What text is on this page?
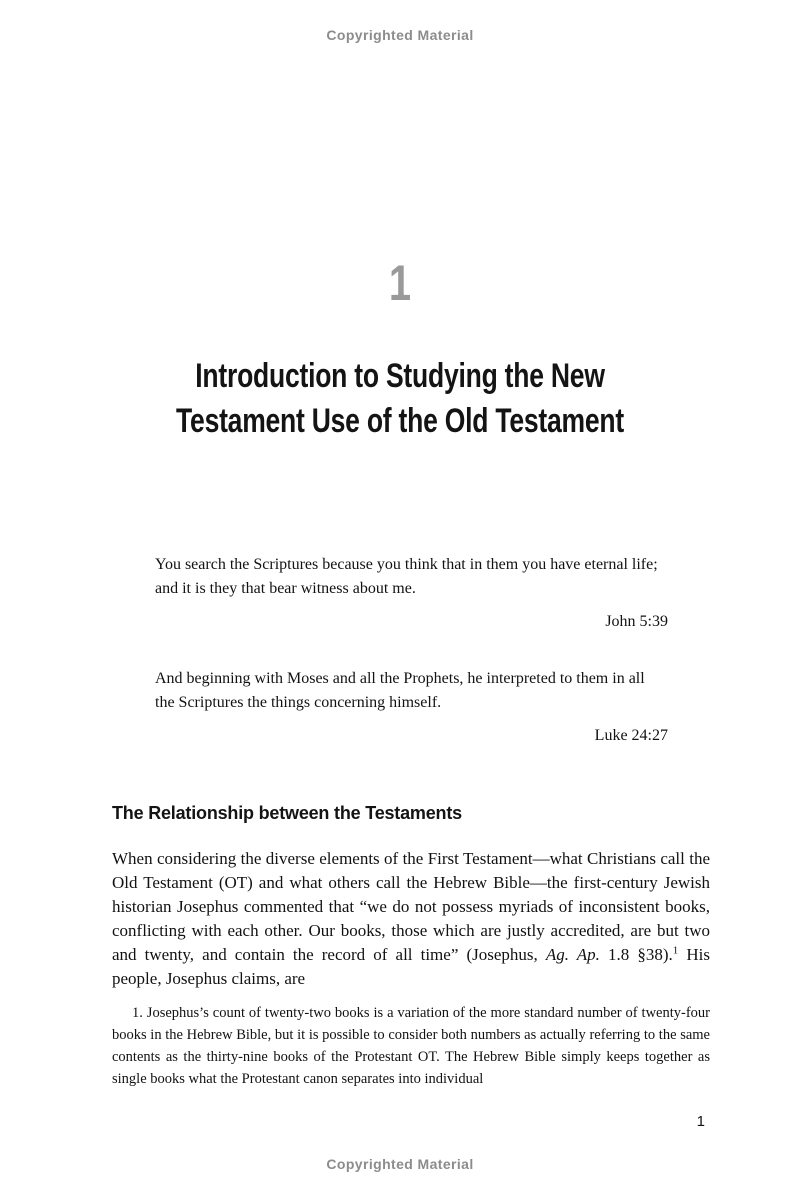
Copyrighted Material
1
Introduction to Studying the New
Testament Use of the Old Testament
You search the Scriptures because you think that in them you have eternal life; and it is they that bear witness about me.
John 5:39
And beginning with Moses and all the Prophets, he interpreted to them in all the Scriptures the things concerning himself.
Luke 24:27
The Relationship between the Testaments
When considering the diverse elements of the First Testament—what Christians call the Old Testament (OT) and what others call the Hebrew Bible—the first-century Jewish historian Josephus commented that “we do not possess myriads of inconsistent books, conflicting with each other. Our books, those which are justly accredited, are but two and twenty, and contain the record of all time” (Josephus, Ag. Ap. 1.8 §38).$^1$ His people, Josephus claims, are
1. Josephus’s count of twenty-two books is a variation of the more standard number of twenty-four books in the Hebrew Bible, but it is possible to consider both numbers as actually referring to the same contents as the thirty-nine books of the Protestant OT. The Hebrew Bible simply keeps together as single books what the Protestant canon separates into individual
1
Copyrighted Material
